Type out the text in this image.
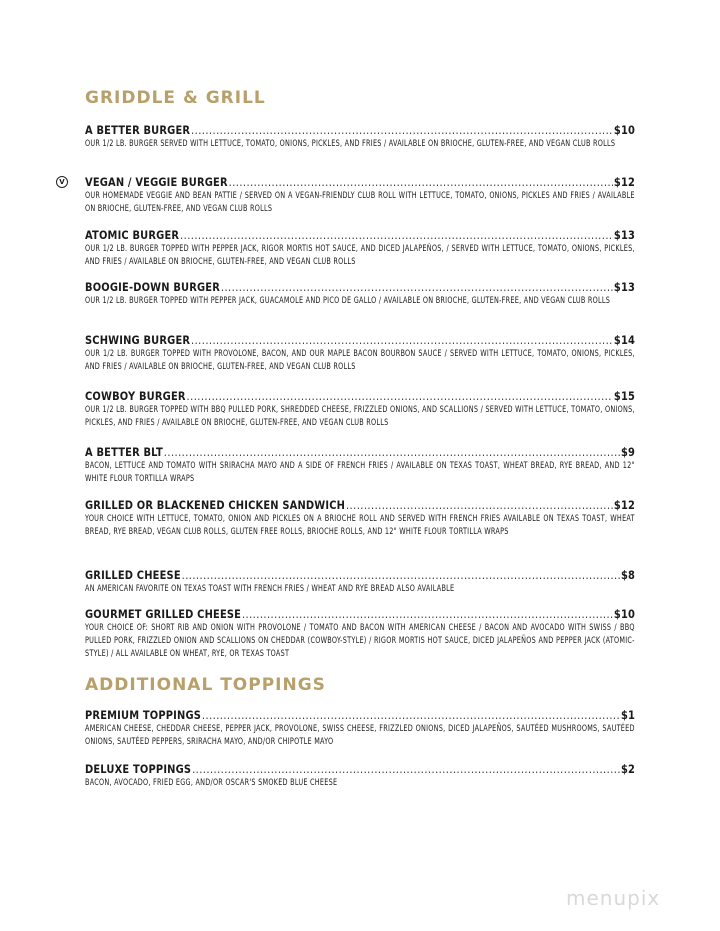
GRIDDLE & GRILL
A BETTER BURGER .....	$10
OUR 1/2 LB. BURGER SERVED WITH LETTUCE, TOMATO, ONIONS, PICKLES, AND FRIES / AVAILABLE ON BRIOCHE, GLUTEN-FREE, AND VEGAN CLUB ROLLS
V VEGAN / VEGGIE BURGER .....	$12
OUR HOMEMADE VEGGIE AND BEAN PATTIE / SERVED ON A VEGAN-FRIENDLY CLUB ROLL WITH LETTUCE, TOMATO, ONIONS, PICKLES AND FRIES / AVAILABLE ON BRIOCHE, GLUTEN-FREE, AND VEGAN CLUB ROLLS
ATOMIC BURGER .....	$13
OUR 1/2 LB. BURGER TOPPED WITH PEPPER JACK, RIGOR MORTIS HOT SAUCE, AND DICED JALAPEÑOS, / SERVED WITH LETTUCE, TOMATO, ONIONS, PICKLES, AND FRIES / AVAILABLE ON BRIOCHE, GLUTEN-FREE, AND VEGAN CLUB ROLLS
BOOGIE-DOWN BURGER .....	$13
OUR 1/2 LB. BURGER TOPPED WITH PEPPER JACK, GUACAMOLE AND PICO DE GALLO / AVAILABLE ON BRIOCHE, GLUTEN-FREE, AND VEGAN CLUB ROLLS
SCHWING BURGER .....	$14
OUR 1/2 LB. BURGER TOPPED WITH PROVOLONE, BACON, AND OUR MAPLE BACON BOURBON SAUCE / SERVED WITH LETTUCE, TOMATO, ONIONS, PICKLES, AND FRIES / AVAILABLE ON BRIOCHE, GLUTEN-FREE, AND VEGAN CLUB ROLLS
COWBOY BURGER .....	$15
OUR 1/2 LB. BURGER TOPPED WITH BBQ PULLED PORK, SHREDDED CHEESE, FRIZZLED ONIONS, AND SCALLIONS / SERVED WITH LETTUCE, TOMATO, ONIONS, PICKLES, AND FRIES / AVAILABLE ON BRIOCHE, GLUTEN-FREE, AND VEGAN CLUB ROLLS
A BETTER BLT .....	$9
BACON, LETTUCE AND TOMATO WITH SRIRACHA MAYO AND A SIDE OF FRENCH FRIES / AVAILABLE ON TEXAS TOAST, WHEAT BREAD, RYE BREAD, AND 12" WHITE FLOUR TORTILLA WRAPS
GRILLED OR BLACKENED CHICKEN SANDWICH .....	$12
YOUR CHOICE WITH LETTUCE, TOMATO, ONION AND PICKLES ON A BRIOCHE ROLL AND SERVED WITH FRENCH FRIES AVAILABLE ON TEXAS TOAST, WHEAT BREAD, RYE BREAD, VEGAN CLUB ROLLS, GLUTEN FREE ROLLS, BRIOCHE ROLLS, AND 12" WHITE FLOUR TORTILLA WRAPS
GRILLED CHEESE .....	$8
AN AMERICAN FAVORITE ON TEXAS TOAST WITH FRENCH FRIES / WHEAT AND RYE BREAD ALSO AVAILABLE
GOURMET GRILLED CHEESE .....	$10
YOUR CHOICE OF: SHORT RIB AND ONION WITH PROVOLONE / TOMATO AND BACON WITH AMERICAN CHEESE / BACON AND AVOCADO WITH SWISS / BBQ PULLED PORK, FRIZZLED ONION AND SCALLIONS ON CHEDDAR (COWBOY-STYLE) / RIGOR MORTIS HOT SAUCE, DICED JALAPEÑOS AND PEPPER JACK (ATOMIC-STYLE) / ALL AVAILABLE ON WHEAT, RYE, OR TEXAS TOAST
ADDITIONAL TOPPINGS
PREMIUM TOPPINGS .....	$1
AMERICAN CHEESE, CHEDDAR CHEESE, PEPPER JACK, PROVOLONE, SWISS CHEESE, FRIZZLED ONIONS, DICED JALAPEÑOS, SAUTÉED MUSHROOMS, SAUTÉED ONIONS, SAUTÉED PEPPERS, SRIRACHA MAYO, AND/OR CHIPOTLE MAYO
DELUXE TOPPINGS .....	$2
BACON, AVOCADO, FRIED EGG, AND/OR OSCAR'S SMOKED BLUE CHEESE
menupix
